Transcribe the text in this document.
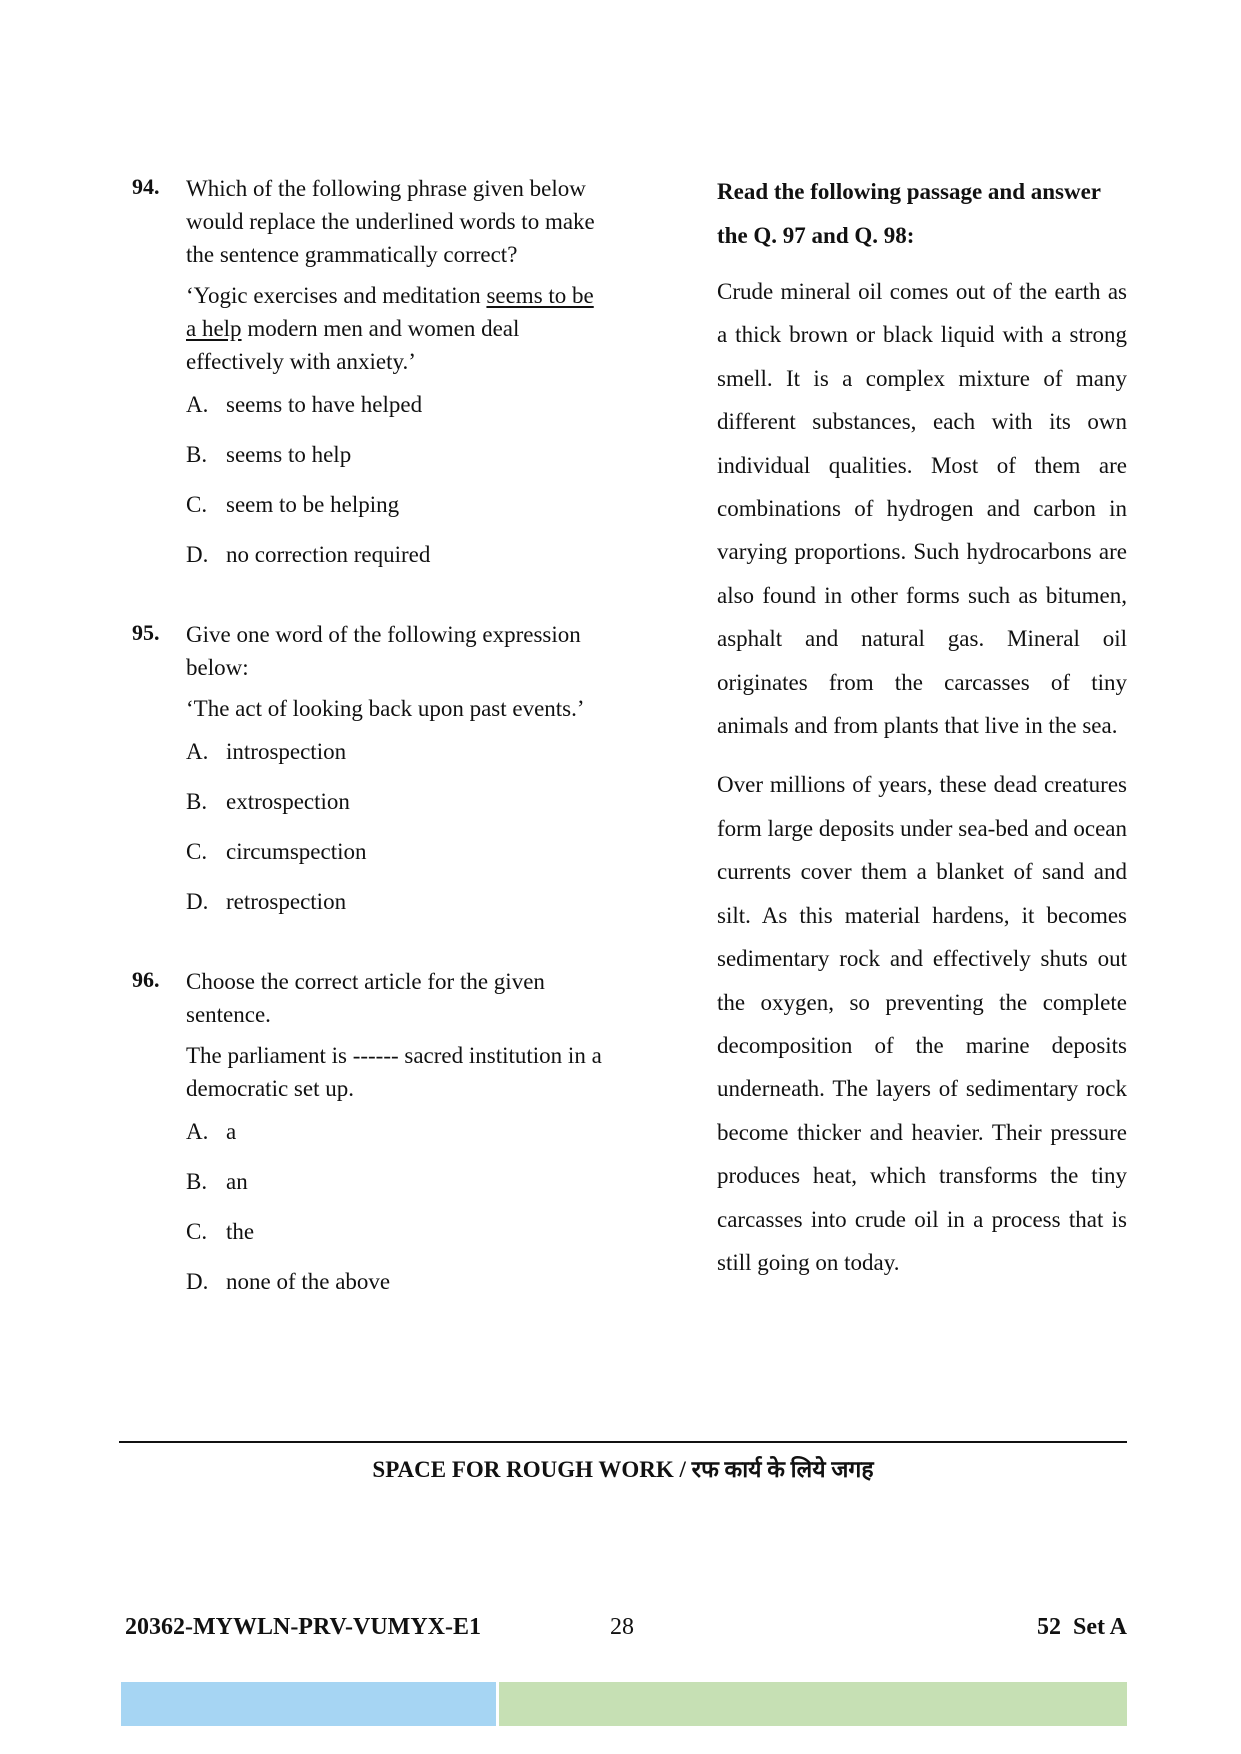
94. Which of the following phrase given below would replace the underlined words to make the sentence grammatically correct?

‘Yogic exercises and meditation seems to be a help modern men and women deal effectively with anxiety.’

A. seems to have helped
B. seems to help
C. seem to be helping
D. no correction required
95. Give one word of the following expression below:

‘The act of looking back upon past events.’

A. introspection
B. extrospection
C. circumspection
D. retrospection
96. Choose the correct article for the given sentence.

The parliament is ------ sacred institution in a democratic set up.

A. a
B. an
C. the
D. none of the above

Read the following passage and answer the Q. 97 and Q. 98:

Crude mineral oil comes out of the earth as a thick brown or black liquid with a strong smell. It is a complex mixture of many different substances, each with its own individual qualities. Most of them are combinations of hydrogen and carbon in varying proportions. Such hydrocarbons are also found in other forms such as bitumen, asphalt and natural gas. Mineral oil originates from the carcasses of tiny animals and from plants that live in the sea.

Over millions of years, these dead creatures form large deposits under sea-bed and ocean currents cover them a blanket of sand and silt. As this material hardens, it becomes sedimentary rock and effectively shuts out the oxygen, so preventing the complete decomposition of the marine deposits underneath. The layers of sedimentary rock become thicker and heavier. Their pressure produces heat, which transforms the tiny carcasses into crude oil in a process that is still going on today.

SPACE FOR ROUGH WORK / रफ कार्य के लिये जगह
20362-MYWLN-PRV-VUMYX-E1	28	52  Set A
